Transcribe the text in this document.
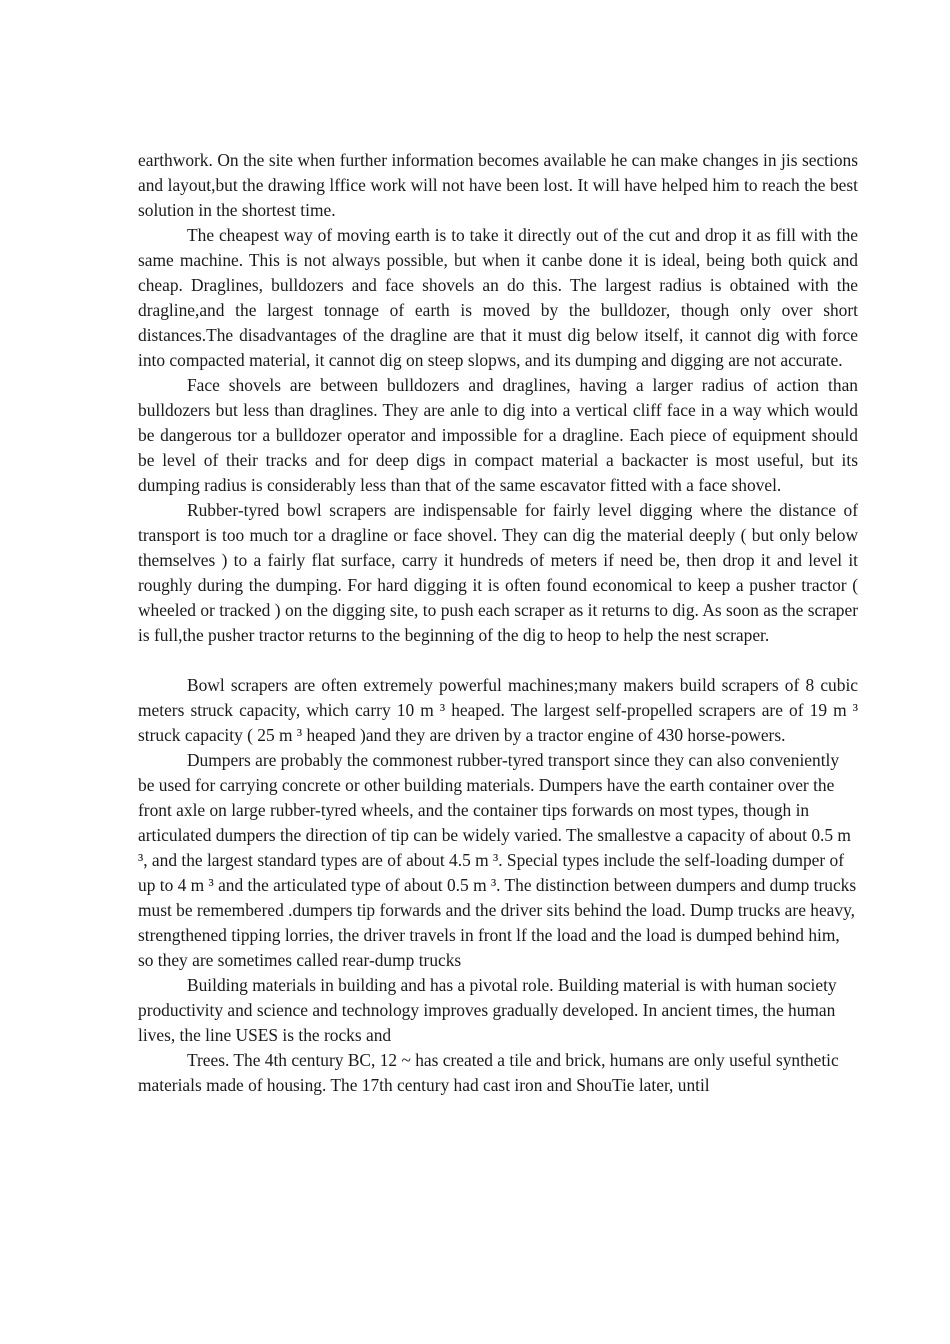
earthwork. On the site when further information becomes available he can make changes in jis sections and layout,but the drawing lffice work will not have been lost. It will have helped him to reach the best solution in the shortest time.

The cheapest way of moving earth is to take it directly out of the cut and drop it as fill with the same machine. This is not always possible, but when it canbe done it is ideal, being both quick and cheap. Draglines, bulldozers and face shovels an do this. The largest radius is obtained with the dragline,and the largest tonnage of earth is moved by the bulldozer, though only over short distances.The disadvantages of the dragline are that it must dig below itself, it cannot dig with force into compacted material, it cannot dig on steep slopws, and its dumping and digging are not accurate.

Face shovels are between bulldozers and draglines, having a larger radius of action than bulldozers but less than draglines. They are anle to dig into a vertical cliff face in a way which would be dangerous tor a bulldozer operator and impossible for a dragline. Each piece of equipment should be level of their tracks and for deep digs in compact material a backacter is most useful, but its dumping radius is considerably less than that of the same escavator fitted with a face shovel.

Rubber-tyred bowl scrapers are indispensable for fairly level digging where the distance of transport is too much tor a dragline or face shovel. They can dig the material deeply ( but only below themselves ) to a fairly flat surface, carry it hundreds of meters if need be, then drop it and level it roughly during the dumping. For hard digging it is often found economical to keep a pusher tractor ( wheeled or tracked ) on the digging site, to push each scraper as it returns to dig. As soon as the scraper is full,the pusher tractor returns to the beginning of the dig to heop to help the nest scraper.

Bowl scrapers are often extremely powerful machines;many makers build scrapers of 8 cubic meters struck capacity, which carry 10 m ³ heaped. The largest self-propelled scrapers are of 19 m ³ struck capacity ( 25 m ³ heaped )and they are driven by a tractor engine of 430 horse-powers.

Dumpers are probably the commonest rubber-tyred transport since they can also conveniently be used for carrying concrete or other building materials. Dumpers have the earth container over the front axle on large rubber-tyred wheels, and the container tips forwards on most types, though in articulated dumpers the direction of tip can be widely varied. The smallestve a capacity of about 0.5 m ³, and the largest standard types are of about 4.5 m ³. Special types include the self-loading dumper of up to 4 m ³ and the articulated type of about 0.5 m ³. The distinction between dumpers and dump trucks must be remembered .dumpers tip forwards and the driver sits behind the load. Dump trucks are heavy, strengthened tipping lorries, the driver travels in front lf the load and the load is dumped behind him, so they are sometimes called rear-dump trucks

Building materials in building and has a pivotal role. Building material is with human society productivity and science and technology improves gradually developed. In ancient times, the human lives, the line USES is the rocks and

Trees. The 4th century BC, 12 ~ has created a tile and brick, humans are only useful synthetic materials made of housing. The 17th century had cast iron and ShouTie later, until
